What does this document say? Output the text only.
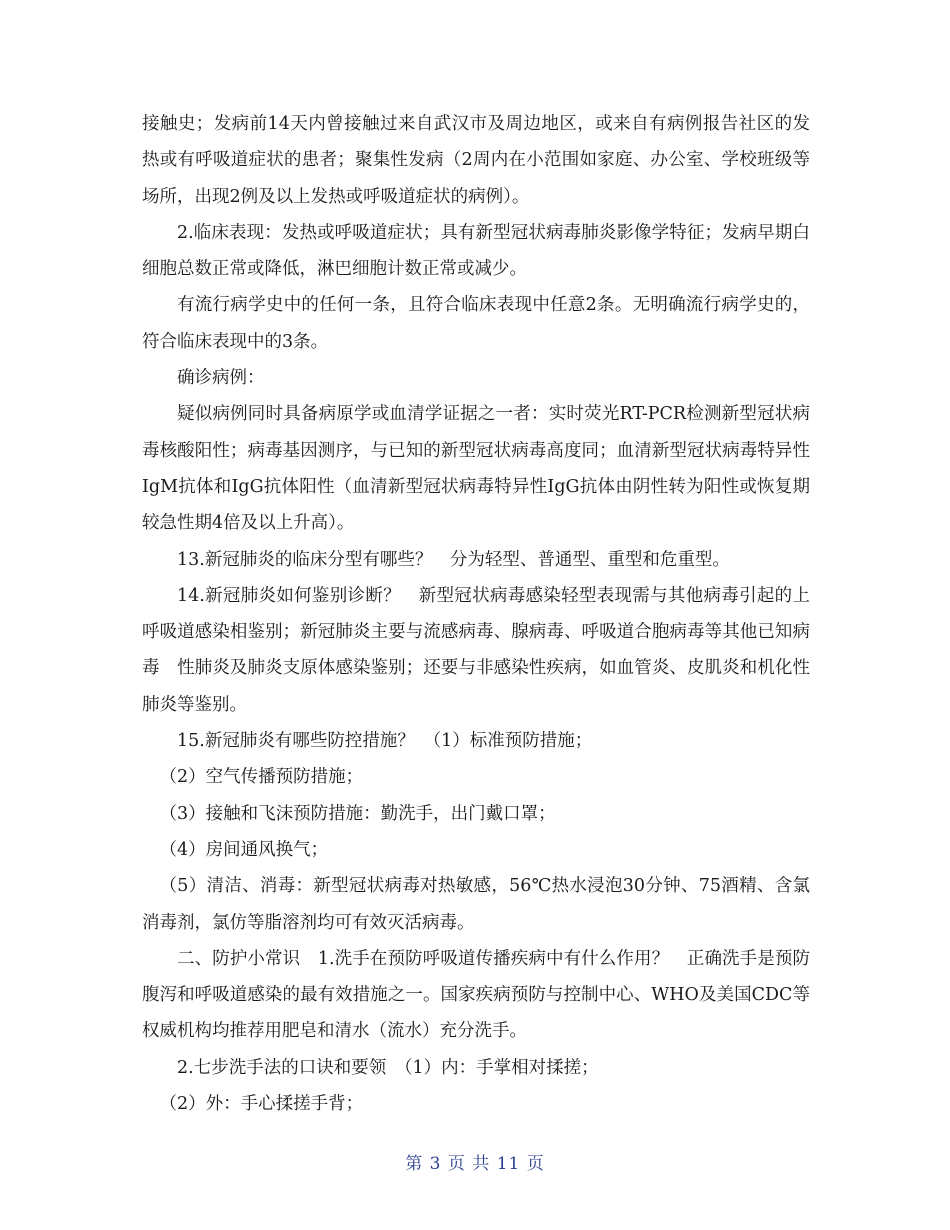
接触史；发病前14天内曾接触过来自武汉市及周边地区，或来自有病例报告社区的发热或有呼吸道症状的患者；聚集性发病（2周内在小范围如家庭、办公室、学校班级等场所，出现2例及以上发热或呼吸道症状的病例）。

2.临床表现：发热或呼吸道症状；具有新型冠状病毒肺炎影像学特征；发病早期白细胞总数正常或降低，淋巴细胞计数正常或减少。

有流行病学史中的任何一条，且符合临床表现中任意2条。无明确流行病学史的，符合临床表现中的3条。

确诊病例：

疑似病例同时具备病原学或血清学证据之一者：实时荧光RT-PCR检测新型冠状病毒核酸阳性；病毒基因测序，与已知的新型冠状病毒高度同；血清新型冠状病毒特异性IgM抗体和IgG抗体阳性（血清新型冠状病毒特异性IgG抗体由阴性转为阳性或恢复期较急性期4倍及以上升高）。

13.新冠肺炎的临床分型有哪些？　分为轻型、普通型、重型和危重型。

14.新冠肺炎如何鉴别诊断？　新型冠状病毒感染轻型表现需与其他病毒引起的上呼吸道感染相鉴别；新冠肺炎主要与流感病毒、腺病毒、呼吸道合胞病毒等其他已知病毒　性肺炎及肺炎支原体感染鉴别；还要与非感染性疾病，如血管炎、皮肌炎和机化性肺炎等鉴别。

15.新冠肺炎有哪些防控措施？　（1）标准预防措施；

（2）空气传播预防措施；

（3）接触和飞沫预防措施：勤洗手，出门戴口罩；

（4）房间通风换气；

（5）清洁、消毒：新型冠状病毒对热敏感，56℃热水浸泡30分钟、75酒精、含氯消毒剂，氯仿等脂溶剂均可有效灭活病毒。

二、防护小常识　1.洗手在预防呼吸道传播疾病中有什么作用？　正确洗手是预防腹泻和呼吸道感染的最有效措施之一。国家疾病预防与控制中心、WHO及美国CDC等权威机构均推荐用肥皂和清水（流水）充分洗手。

2.七步洗手法的口诀和要领　（1）内：手掌相对揉搓；

（2）外：手心揉搓手背；

第 3 页 共 11 页
